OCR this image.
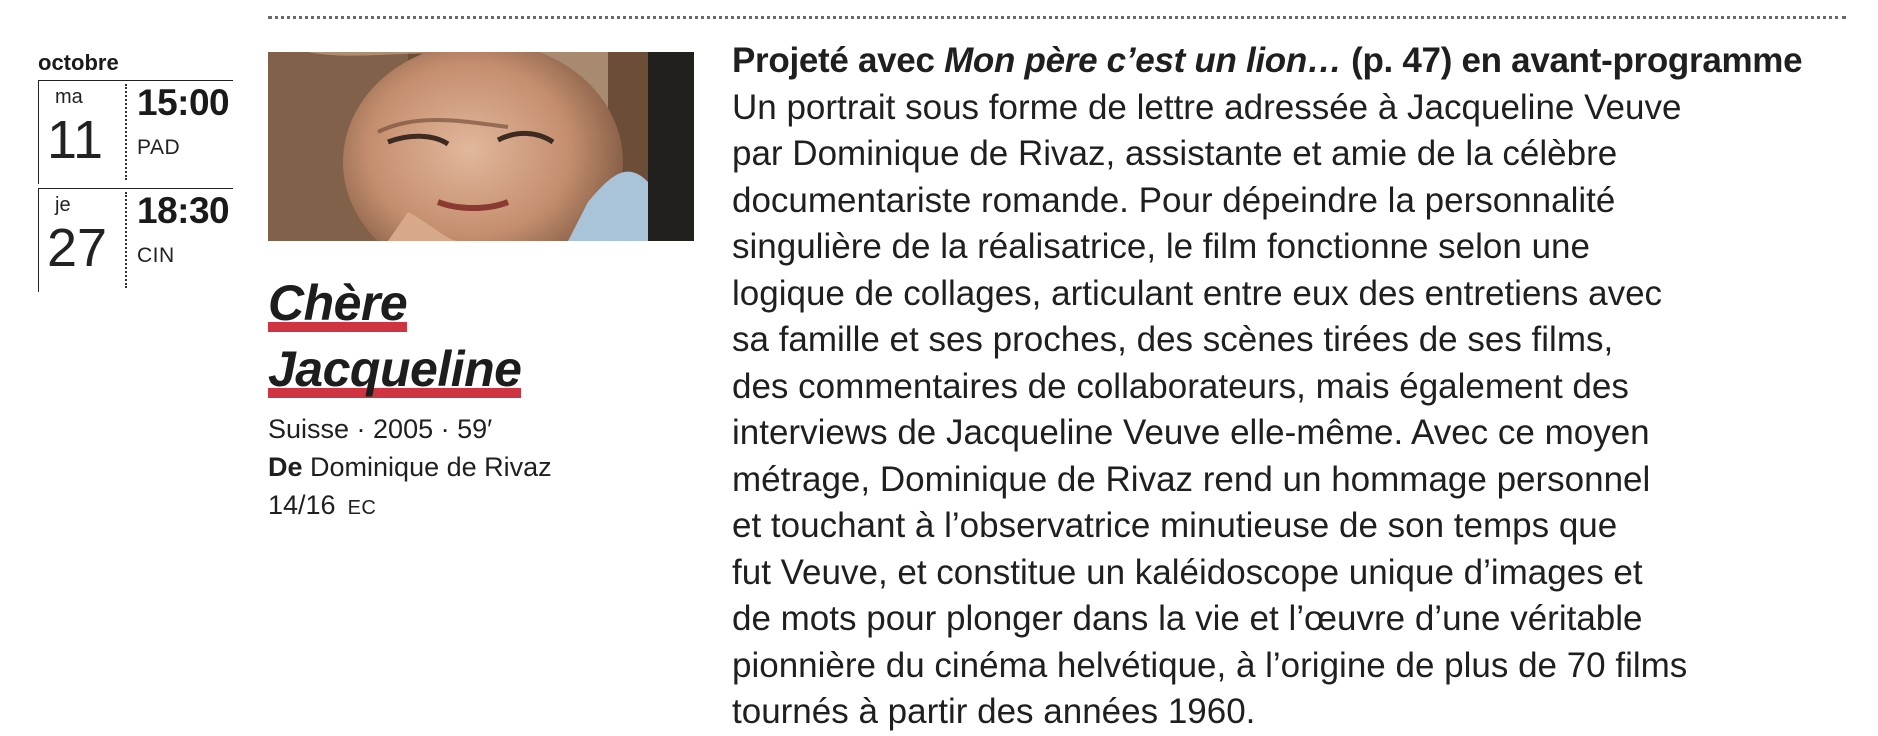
octobre
ma
11
15:00
PAD
je
27
18:30
CIN
Chère

Jacqueline
Suisse · 2005 · 59′
De Dominique de Rivaz
14/16 EC
Projeté avec Mon père c’est un lion… (p. 47) en avant-programme
Un portrait sous forme de lettre adressée à Jacqueline Veuve
par Dominique de Rivaz, assistante et amie de la célèbre
documentariste romande. Pour dépeindre la personnalité
singulière de la réalisatrice, le film fonctionne selon une
logique de collages, articulant entre eux des entretiens avec
sa famille et ses proches, des scènes tirées de ses films,
des commentaires de collaborateurs, mais également des
interviews de Jacqueline Veuve elle-même. Avec ce moyen
métrage, Dominique de Rivaz rend un hommage personnel
et touchant à l’observatrice minutieuse de son temps que
fut Veuve, et constitue un kaléidoscope unique d’images et
de mots pour plonger dans la vie et l’œuvre d’une véritable
pionnière du cinéma helvétique, à l’origine de plus de 70 films
tournés à partir des années 1960.
